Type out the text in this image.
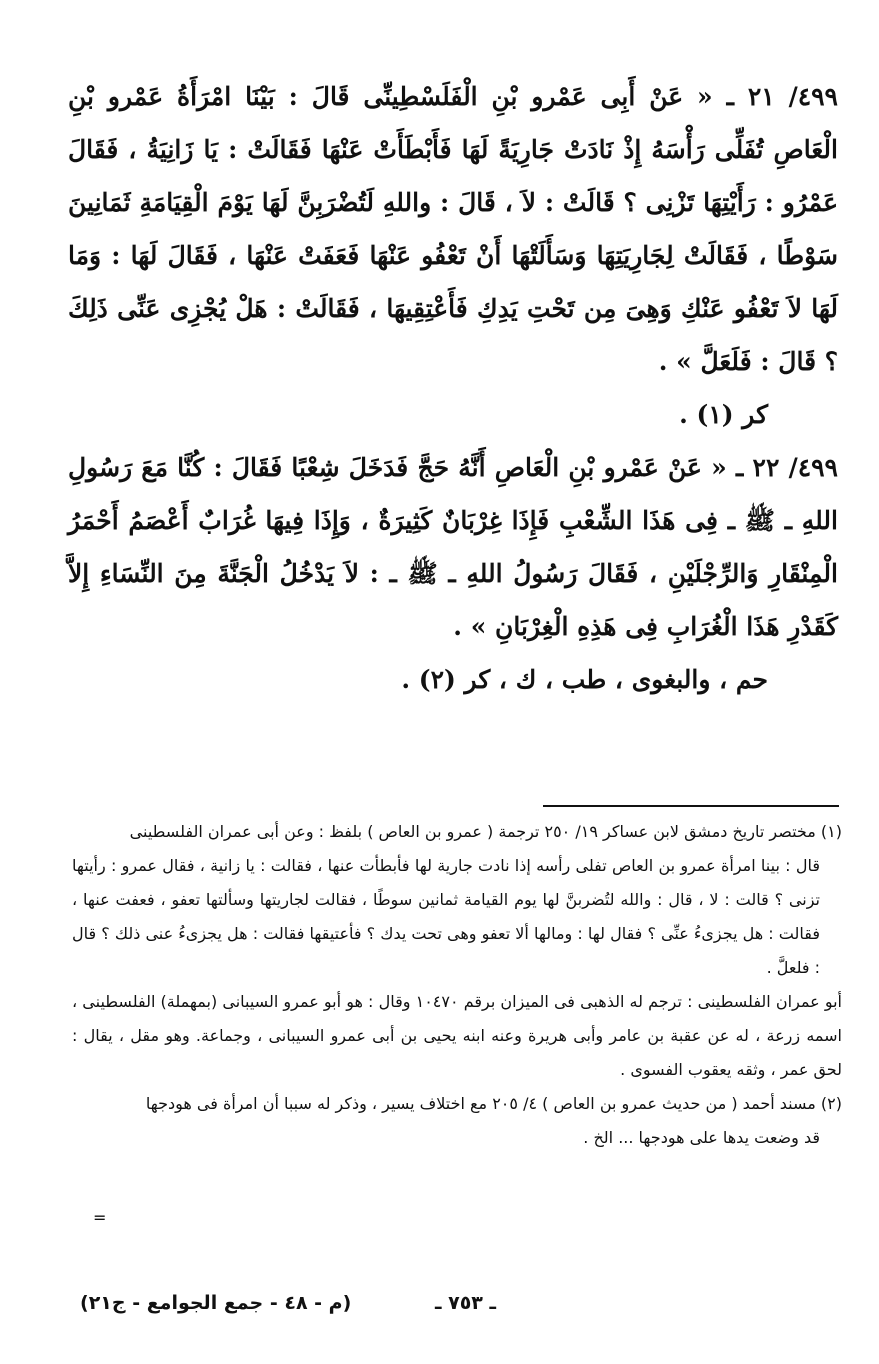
٤٩٩/ ٢١ ـ « عَنْ أَبِى عَمْرو بْنِ الْفَلَسْطِينِّى قَالَ : بَيْنَا امْرَأَةُ عَمْرو بْنِ الْعَاصِ تُفَلِّى رَأْسَهُ إِذْ نَادَتْ جَارِيَةً لَهَا فَأَبْطَأَتْ عَنْهَا فَقَالَتْ : يَا زَانِيَةُ ، فَقَالَ عَمْرُو : رَأَيْتِهَا تَزْنِى ؟ قَالَتْ : لاَ ، قَالَ : واللهِ لَتُضْرَبِنَّ لَهَا يَوْمَ الْقِيَامَةِ ثَمَانِينَ سَوْطًا ، فَقَالَتْ لِجَارِيَتِهَا وَسَأَلَتْهَا أَنْ تَعْفُو عَنْهَا فَعَفَتْ عَنْهَا ، فَقَالَ لَهَا : وَمَا لَهَا لاَ تَعْفُو عَنْكِ وَهِىَ مِن تَحْتِ يَدِكِ فَأَعْتِقِيهَا ، فَقَالَتْ : هَلْ يُجْزِى عَنِّى ذَلِكَ ؟ قَالَ : فَلَعَلَّ » .

كر (١) .

٤٩٩/ ٢٢ ـ « عَنْ عَمْرو بْنِ الْعَاصِ أَنَّهُ حَجَّ فَدَخَلَ شِعْبًا فَقَالَ : كُنَّا مَعَ رَسُولِ اللهِ ـ ﷺ ـ فِى هَذَا الشِّعْبِ فَإِذَا غِرْبَانٌ كَثِيرَةٌ ، وَإِذَا فِيهَا غُرَابٌ أَعْصَمُ أَحْمَرُ الْمِنْقَارِ وَالرِّجْلَيْنِ ، فَقَالَ رَسُولُ اللهِ ـ ﷺ ـ : لاَ يَدْخُلُ الْجَنَّةَ مِنَ النِّسَاءِ إِلاَّ كَقَدْرِ هَذَا الْغُرَابِ فِى هَذِهِ الْغِرْبَانِ » .

حم ، والبغوى ، طب ، ك ، كر (٢) .

(١) مختصر تاريخ دمشق لابن عساكر ١٩/ ٢٥٠ ترجمة ( عمرو بن العاص ) بلفظ : وعن أبى عمران الفلسطينى

قال : بينا امرأة عمرو بن العاص تفلى رأسه إذا نادت جارية لها فأبطأت عنها ، فقالت : يا زانية ، فقال عمرو : رأيتها تزنى ؟ قالت : لا ، قال : والله لتُضربنَّ لها يوم القيامة ثمانين سوطًا ، فقالت لجاريتها وسألتها تعفو ، فعفت عنها ، فقالت : هل يجزىءُ عنِّى ؟ فقال لها : ومالها ألا تعفو وهى تحت يدك ؟ فأعتيقها فقالت : هل يجزىءُ عنى ذلك ؟ قال : فلعلَّ .

أبو عمران الفلسطينى : ترجم له الذهبى فى الميزان برقم ١٠٤٧٠ وقال : هو أبو عمرو السيبانى (بمهملة) الفلسطينى ، اسمه زرعة ، له عن عقبة بن عامر وأبى هريرة وعنه ابنه يحيى بن أبى عمرو السيبانى ، وجماعة. وهو مقل ، يقال : لحق عمر ، وثقه يعقوب الفسوى .

(٢) مسند أحمد ( من حديث عمرو بن العاص ) ٤/ ٢٠٥ مع اختلاف يسير ، وذكر له سببا أن امرأة فى هودجها

قد وضعت يدها على هودجها ... الخ .

=
ـ ٧٥٣ ـ
(م - ٤٨ - جمع الجوامع - ج٢١)
